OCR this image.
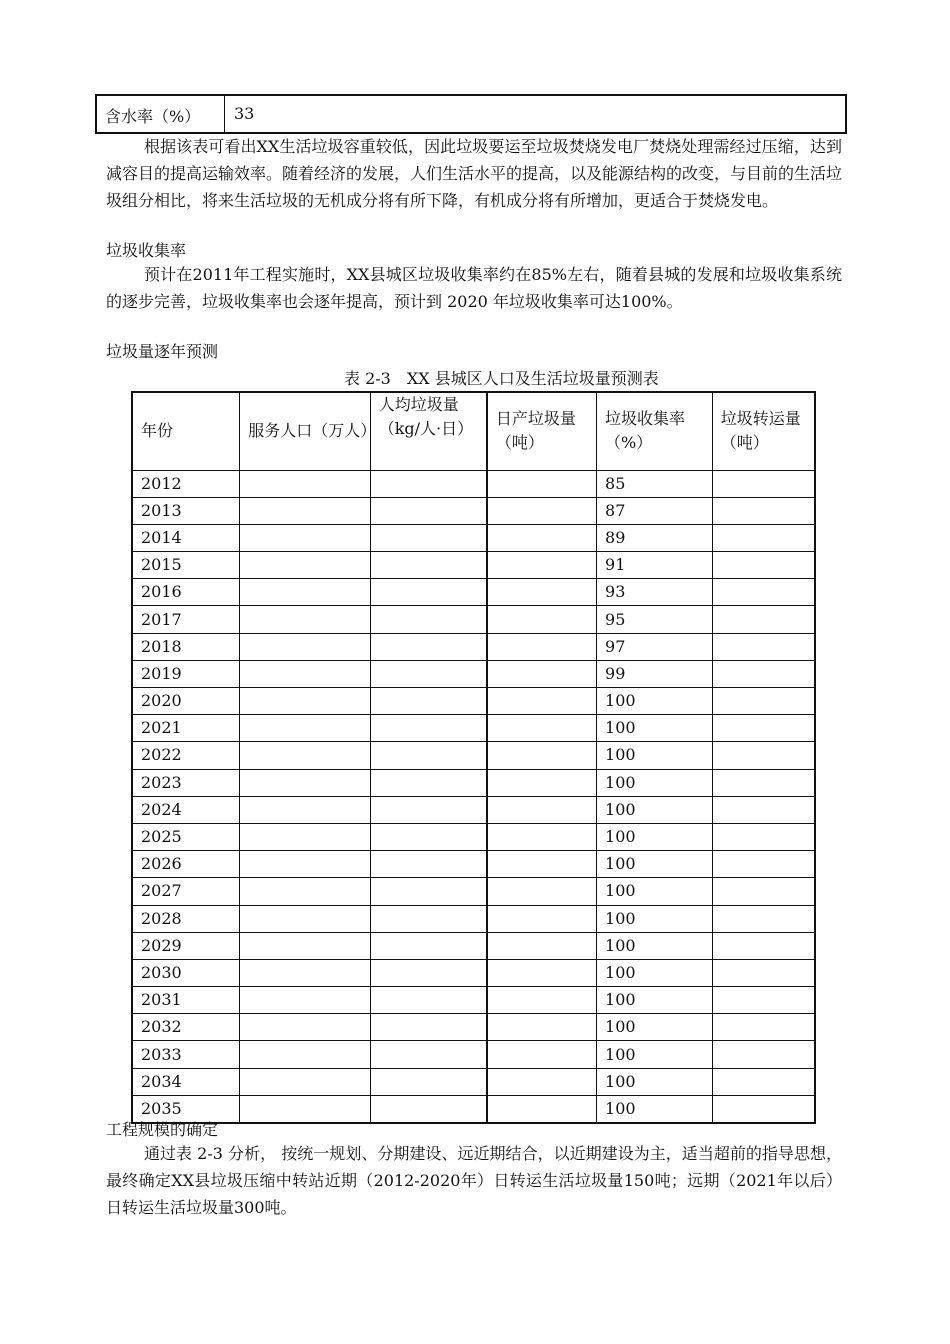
含水率（%）	33

根据该表可看出XX生活垃圾容重较低，因此垃圾要运至垃圾焚烧发电厂焚烧处理需经过压缩，达到减容目的提高运输效率。随着经济的发展，人们生活水平的提高，以及能源结构的改变，与目前的生活垃圾组分相比，将来生活垃圾的无机成分将有所下降，有机成分将有所增加，更适合于焚烧发电。

垃圾收集率

预计在2011年工程实施时，XX县城区垃圾收集率约在85%左右，随着县城的发展和垃圾收集系统的逐步完善，垃圾收集率也会逐年提高，预计到 2020 年垃圾收集率可达100%。

垃圾量逐年预测

表 2-3　XX 县城区人口及生活垃圾量预测表

年份	服务人口（万人）	人均垃圾量（kg/人·日）	日产垃圾量（吨）	垃圾收集率（%）	垃圾转运量（吨）
2012				85	
2013				87	
2014				89	
2015				91	
2016				93	
2017				95	
2018				97	
2019				99	
2020				100	
2021				100	
2022				100	
2023				100	
2024				100	
2025				100	
2026				100	
2027				100	
2028				100	
2029				100	
2030				100	
2031				100	
2032				100	
2033				100	
2034				100	
2035				100	

工程规模的确定

通过表 2-3 分析， 按统一规划、分期建设、远近期结合，以近期建设为主，适当超前的指导思想，最终确定XX县垃圾压缩中转站近期（2012-2020年）日转运生活垃圾量150吨；远期（2021年以后）日转运生活垃圾量300吨。
